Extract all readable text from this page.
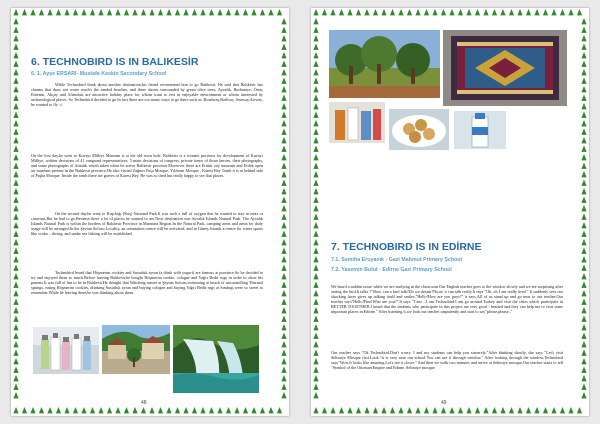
6. TECHNOBIRD IS IN BALIKESİR

6. 1. Ayşe ERSARI- Mustafa Keskin Secondary School

While Technobird think about another destination,his friend recommend him to go Balıkesir. He said that Balıkesir has charms that draw sea water reach's the sanded beaches, and these shores surrounded by green olive trees. Ayvalık, Burhaniye, Ören, Edremit, Akçay and Altınoluk are attractive holiday place for whom want to rest in enjoyable environment or whom interested by archaeological places. So Technobird decided to go.In fact there are too many ways to go there such as ;Roadway,Railway ,Seaway,Airway, he wanted to fly ☺

On the first day,he went to Kuvayı Milliye Museum is at the old town hole. Balıkesir is a frontier province for development of Kuvayı Milliye, written decisions of 41 vanguard representatives, 5 main decisions of congress, private items of those heroes, their photographs, and some photographs of Atatürk which taken when he arrive Balıkesir province.Moreover there are Ertürk city museum and Erdek open air museum present in the Balıkesir province.He also visited Zağnos Paşa Mosque, Yıldırım Mosque , Karesi Bey Tomb it is at behind side of Paşha Mosque. Inside the tomb there are graves of Karesi Bey. He was so tired but really happy to see that places.

On the second day,he went to Kuşcluğı (Kuş) National Park.It was such a full of oxygen that he wanted to stay in tents or caravans.But he had to go.Because there a lot of places he wanted to see.Next destination was Ayvalık Islands Natural Park. The Ayvalık Islands Natural Park is within the borders of Balıkesir Province in Marmara Region.In the Natural Park, camping areas and areas for daily usage will be arranged.In the Şeytan Sofrası Locality, an orientation centre will be activated, and in Güneş Islands a centre for water sports like scuba – diving, and under sea fishing will be established.

Technobird heard that Höşmerim cookies and Susurluk ayran (a drink with yogurt) are famous at province.So he decided to try and enjoyed them so much.Before leaving Balıkesir,he bought Höşmerim cookie, cologne and Yağcı Bedir rugs in order to show his parents.It was full of fun to be in Balıkesir.He thought that Watching sunset at Şeytan Sofrası,swimming at beach of uncontrolling Thermal springs, eating Höşmerim cookies, drinking Susurluk ayran and buying cologne and buying Yağcı Bedir rugs at Sındırgı were so sweet to remember.While he leaving there,he was thinking about them.

48

7. TECHNOBIRD IS IN EDİRNE

7.1. Semiha Eruyanık - Gazi Mahmut Primary School

7.2. Yasemin Bulut - Edirne Gazi Primary School

We heard a sudden noise while we are studying in the classroom.Our English teacher goes to the window slowly and we are surprising after seeing the bird.It talks !"Slow, can a bird talk?Do we dream?No,no it can talk really.It says "Oh, oh I am really tired." It suddenly sees our shocking faces gives up talking itself and smiles."Hello!How are you guys?" it says.All of us stand up and go near to our teacher.Our teacher says"Hello!Fine!Who are you?".It says "I am ...I am Technobird.I am go around Turkey and visit the cities which participate in BETTER TOGETHER.I heard that the students who participate in this project are very good - hearted and they can help me to visit some important places in Edirne." After listening it,we look our teacher unpatiently and start to say"please,please.."

Our teacher says "Ok Technobird.Don't worry. I and my students can help you sincerely."After thinking shortly, she says "Let's visit Selimiye Mosque first.Look !it is very near our school.You can see it through window." After looking through the window,Technobird says"Wow,It looks like amazing.Let's see it closer." And then we walk two minutes and arrive at Selimiye mosque.Our teacher starts to tell "Symbol of the Ottoman Empire and Edirne, Selimiye mosque

49
